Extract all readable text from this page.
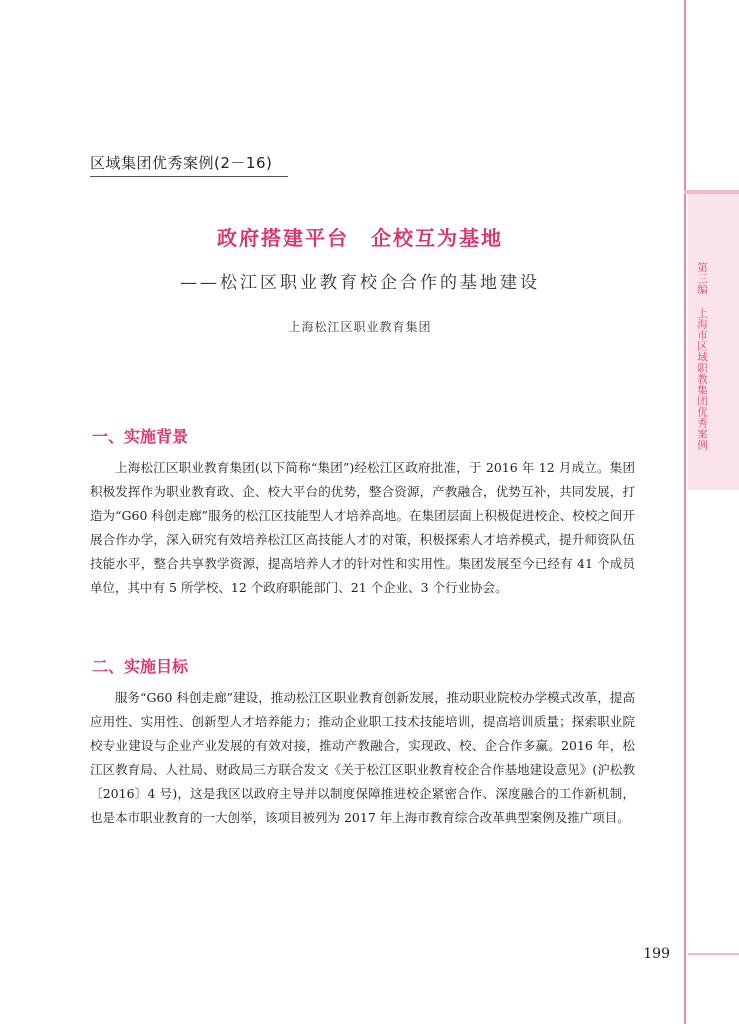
第三编 上海市区域职教集团优秀案例
区域集团优秀案例(2－16)
政府搭建平台　企校互为基地
——松江区职业教育校企合作的基地建设
上海松江区职业教育集团
一、实施背景

上海松江区职业教育集团(以下简称“集团”)经松江区政府批准，于 2016 年 12 月成立。集团积极发挥作为职业教育政、企、校大平台的优势，整合资源，产教融合，优势互补，共同发展，打造为“G60 科创走廊”服务的松江区技能型人才培养高地。在集团层面上积极促进校企、校校之间开展合作办学，深入研究有效培养松江区高技能人才的对策，积极探索人才培养模式，提升师资队伍技能水平，整合共享教学资源，提高培养人才的针对性和实用性。集团发展至今已经有 41 个成员单位，其中有 5 所学校、12 个政府职能部门、21 个企业、3 个行业协会。

二、实施目标

服务“G60 科创走廊”建设，推动松江区职业教育创新发展，推动职业院校办学模式改革，提高应用性、实用性、创新型人才培养能力；推动企业职工技术技能培训，提高培训质量；探索职业院校专业建设与企业产业发展的有效对接，推动产教融合，实现政、校、企合作多赢。2016 年，松江区教育局、人社局、财政局三方联合发文《关于松江区职业教育校企合作基地建设意见》(沪松教〔2016〕4 号)，这是我区以政府主导并以制度保障推进校企紧密合作、深度融合的工作新机制，也是本市职业教育的一大创举，该项目被列为 2017 年上海市教育综合改革典型案例及推广项目。

199
